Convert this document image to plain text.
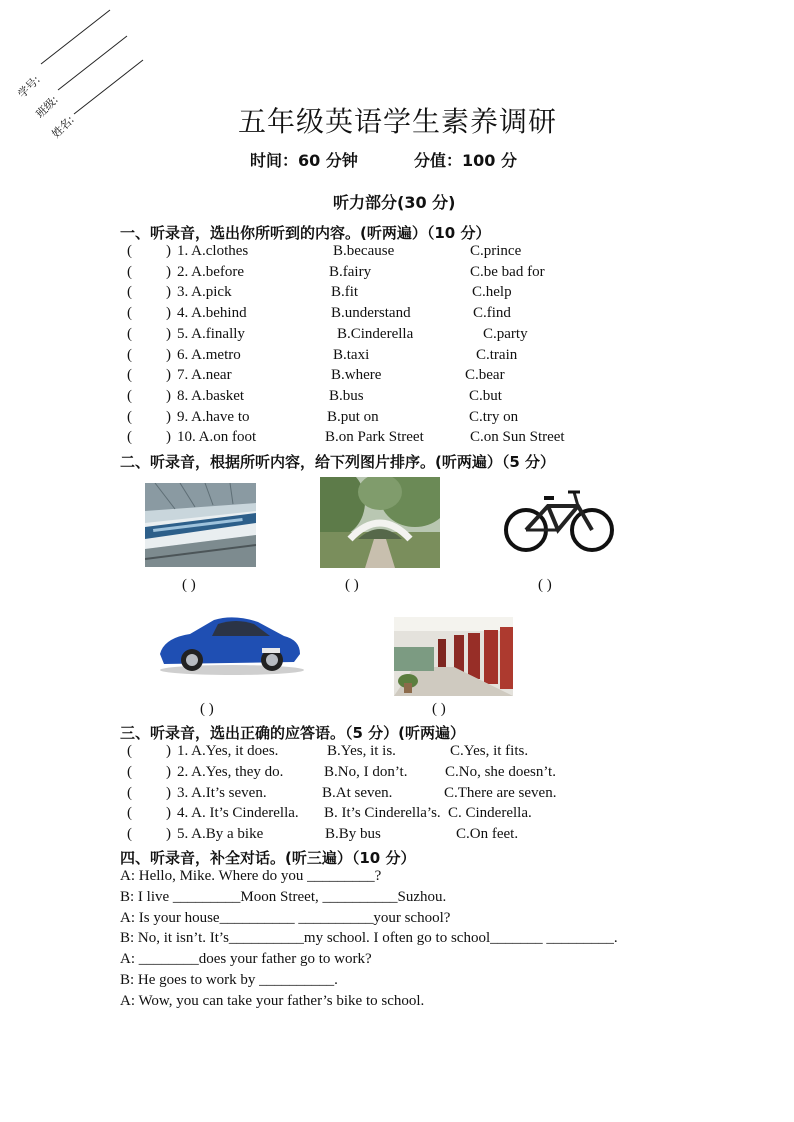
学号:
班级:
姓名:	五年级英语学生素养调研
时间：60 分钟	分值：100 分
听力部分(30 分)
一、听录音，选出你所听到的内容。(听两遍）（10 分）
( ) 1. A.clothes	B.because	C.prince
( ) 2. A.before	B.fairy	C.be bad for
( ) 3. A.pick	B.fit	C.help
( ) 4. A.behind	B.understand	C.find
( ) 5. A.finally	B.Cinderella	C.party
( ) 6. A.metro	B.taxi	C.train
( ) 7. A.near	B.where	C.bear
( ) 8. A.basket	B.bus	C.but
( ) 9. A.have to	B.put on	C.try on
( ) 10. A.on foot	B.on Park Street	C.on Sun Street
二、听录音，根据所听内容，给下列图片排序。(听两遍）（5 分）
( )	( )	( )
( )	( )
三、听录音，选出正确的应答语。（5 分）(听两遍）
( ) 1. A.Yes, it does.	B.Yes, it is.	C.Yes, it fits.
( ) 2. A.Yes, they do.	B.No, I don’t.	C.No, she doesn’t.
( ) 3. A.It’s seven.	B.At seven.	C.There are seven.
( ) 4. A. It’s Cinderella. B. It’s Cinderella’s. C. Cinderella.
( ) 5. A.By a bike	B.By bus	C.On feet.
四、听录音，补全对话。(听三遍）（10 分）
A: Hello, Mike. Where do you _________?
B: I live _________Moon Street, __________Suzhou.
A: Is your house__________ __________your school?
B: No, it isn’t. It’s__________my school. I often go to school_______ _________.
A: ________does your father go to work?
B: He goes to work by __________.
A: Wow, you can take your father’s bike to school.
